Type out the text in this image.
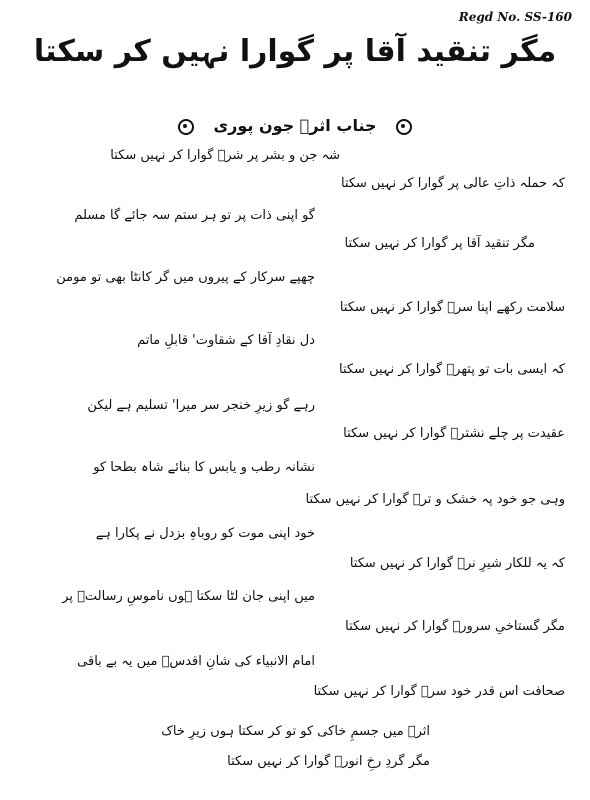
Regd No. SS-160
مگر تنقید آقا پر گوارا نہیں کر سکتا
جناب اثرؔ جون پوری
شہ جن و بشر پر شرؔ گوارا کر نہیں سکتا
کہ حملہ ذاتِ عالی پر گوارا کر نہیں سکتا
گو اپنی ذات پر تو ہر ستم سہ جائے گا مسلم
مگر تنقید آقا پر گوارا کر نہیں سکتا
چھپے سرکار کے پیروں میں گر کانٹا بھی تو مومن
سلامت رکھے اپنا سرؔ گوارا کر نہیں سکتا
دل نقادِ آقا کے شقاوت' قابلِ ماتم
کہ ایسی بات تو پتھرؔ گوارا کر نہیں سکتا
رہے گو زیرِ خنجر سر میرا' تسلیم ہے لیکن
عقیدت پر چلے نشترؔ گوارا کر نہیں سکتا
نشانہ رطب و یابس کا بنائے شاہ بطحا کو
وہی جو خود پہ خشک و ترؔ گوارا کر نہیں سکتا
خود اپنی موت کو روباہِ بزدل نے پکارا ہے
کہ یہ للکار شیرِ نرؔ گوارا کر نہیں سکتا
میں اپنی جان لٹا سکتا ہوں ناموسِ رسالتؐ پر
مگر گستاخیِ سرورؐ گوارا کر نہیں سکتا
امام الانبیاء کی شانِ اقدسؐ میں یہ بے باقی
صحافت اس قدر خود سرؔ گوارا کر نہیں سکتا
اثرؔ میں جسمِ خاکی کو تو کر سکتا ہوں زیرِ خاک
مگر گردِ رخِ انورؐ گوارا کر نہیں سکتا
